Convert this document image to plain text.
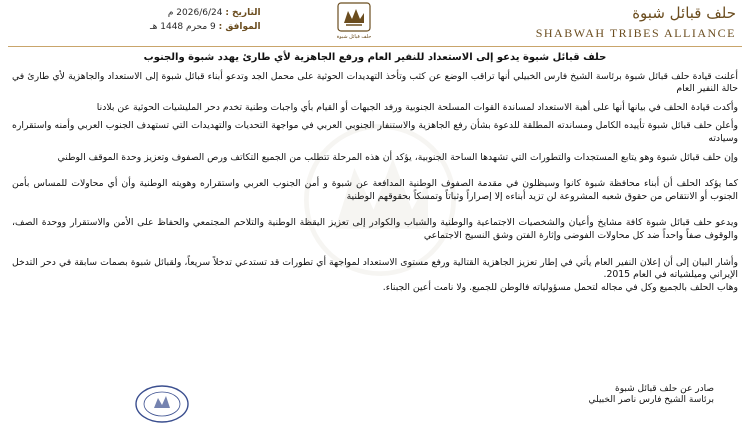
حلف قبائل شبوة
SHABWAH TRIBES ALLIANCE
حلف قبائل شبوة
التاريخ : 2026/6/24 م
الموافق : 9 محرم 1448 هـ
حلف قبائل شبوة يدعو إلى الاستعداد للنفير العام ورفع الجاهزية لأي طارئ يهدد شبوة والجنوب

أعلنت قيادة حلف قبائل شبوة برئاسة الشيخ فارس الخبيلي أنها تراقب الوضع عن كثب وتأخذ التهديدات الحوثية على محمل الجد وتدعو أبناء قبائل شبوة إلى الاستعداد والجاهزية لأي طارئ في حالة النفير العام

وأكدت قيادة الحلف في بيانها أنها على أهبة الاستعداد لمساندة القوات المسلحة الجنوبية ورفد الجبهات أو القيام بأي واجبات وطنية تخدم دحر المليشيات الحوثية عن بلادنا

وأعلن حلف قبائل شبوة تأييده الكامل ومساندته المطلقة للدعوة بشأن رفع الجاهزية والاستنفار الجنوبي العربي في مواجهة التحديات والتهديدات التي تستهدف الجنوب العربي وأمنه واستقراره وسيادته

وإن حلف قبائل شبوة وهو يتابع المستجدات والتطورات التي تشهدها الساحة الجنوبية، يؤكد أن هذه المرحلة تتطلب من الجميع التكاتف ورص الصفوف وتعزيز وحدة الموقف الوطني

كما يؤكد الحلف أن أبناء محافظة شبوة كانوا وسيظلون في مقدمة الصفوف الوطنية المدافعة عن شبوة و أمن الجنوب العربي واستقراره وهويته الوطنية وأن أي محاولات للمساس بأمن الجنوب أو الانتقاص من حقوق شعبه المشروعة لن تزيد أبناءه إلا إصراراً وثباتاً وتمسكاً بحقوقهم الوطنية

ويدعو حلف قبائل شبوة كافة مشايخ وأعيان والشخصيات الاجتماعية والوطنية والشباب والكوادر إلى تعزيز اليقظة الوطنية والتلاحم المجتمعي والحفاظ على الأمن والاستقرار ووحدة الصف، والوقوف صفاً واحداً ضد كل محاولات الفوضى وإثارة الفتن وشق النسيج الاجتماعي

وأشار البيان إلى أن إعلان النفير العام يأتي في إطار تعزيز الجاهزية القتالية ورفع مستوى الاستعداد لمواجهة أي تطورات قد تستدعي تدخلاً سريعاً، ولقبائل شبوة بصمات سابقة في دحر التدخل الإيراني وميلشياته في العام 2015.

وهاب الحلف بالجميع وكل في مجاله لتحمل مسؤولياته فالوطن للجميع. ولا نامت أعين الجبناء.

صادر عن حلف قبائل شبوة
برئاسة الشيخ فارس ناصر الخبيلي
